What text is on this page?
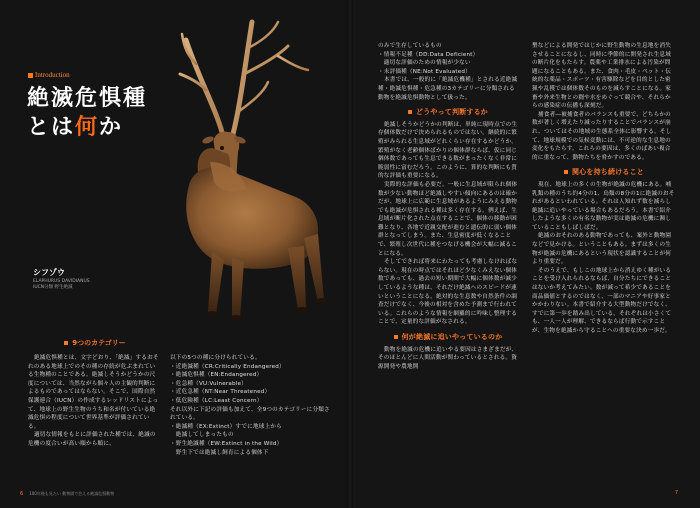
Introduction
絶滅危惧種
とは何か
シフゾウ
ELAPHURUS DAVIDIANUS
IUCN分類 野生絶滅
9つのカテゴリー

絶滅危惧種とは、文字どおり、「絶滅」するおそれのある地球上でのその種の存続が危ぶまれている生物種のことである。絶滅しそうかどうかの尺度については、当然ながら個々人の主観的判断によるものであってはならない。そこで、国際自然保護連合（IUCN）の作成するレッドリストによって、地球上の野生生物のうち和名が付いている絶滅危惧の程度について世界基準が評価されている。

適切な情報をもとに評価された種では、絶滅の危機の度合いが高い順から順に、

以下の5つの種に分けられている。
・近絶滅種（CR:Critically Endangered）
・絶滅危惧種（EN:Endangered）
・危急種（VU:Vulnerable）
・近危急種（NT:Near Threatened）
・低危険種（LC:Least Concern）
それ以外に下記の評価も加えて、全9つのカテゴリーに分類されている。
・絶滅種（EX:Extinct）すでに地球上から
　絶滅してしまったもの
・野生絶滅種（EW:Extinct in the Wild）
　野生下では絶滅し飼育による個体下
のみで生存しているもの
・情報不足種（DD:Data Deficient）
　適切な評価のための情報が少ない
・未評価種（NE:Not Evaluated）

本書では、一般的に「絶滅危機種」とされる近絶滅種・絶滅危惧種・危急種の3カテゴリーに分類される動物を絶滅危惧動物として扱った。

どうやって判断するか

絶滅しそうかどうかの判断は、単純に現時点での生存個体数だけで決められるものではない。継続的に繁殖がみられる生息域がどれくらい存在するかどうか。繁殖がなく老齢個体ばかりの個体群ならば、仮に同じ個体数であっても生息できる数がまったくなく非常に脆弱性に富むだろう。このように、算的な判断にも質的な評価も重要になる。

実際的な評価も必要だ。一般に生息域が限られ個体数が少ない動物ほど絶滅しやすい傾向にあるのは確かだが、地球上に広範に生息域があるようにみえる動物でも絶滅が危惧される種は多く存在する。例えば、生息域が断片化された点在することで、個体の移動が困難となり、各地で近親交配が進むと遺伝的に弱い個体群となってしまう。また、生息密度が低くなることで、繁殖し次世代に種をつなげる機会が大幅に減ることになる。

そしてできれば将来にわたっても考慮しなければならない。現在の時点ではそれほど少なくみえない個体数であっても、過去の短い期間で大幅に個体数が減少しているような種は、それだけ絶滅へのスピードが速いということになる。絶対的な生息数や自然条件の調査だけでなく、今後の相対を含めた予測まで行われている。これらのような情報を網羅的に吟味し整理することで、定量的な評価がなされる。

何が絶滅に追いやっているのか

動物を絶滅の危機に追いやる要因はさまざまだが、そのほとんどに人間活動が関わっているとされる。資源開発や農地開

墾などによる開発ではじかに野生動物の生息地を消失させることになるし、同時に季節的に開発され生息域の断片化をもたらす。農薬や工業排水による汚染が問題になることもある。また、食肉・毛皮・ペット・伝統的な薬品・スポーツ・有害駆除などを目的とした密猟や乱獲では個体数そのものを減らすことになる。家畜や外来生物との闘や水をめぐって競合や、それらからの感染症の伝播も深刻だ。

捕食者―被捕食者のバランスも重要で、どちらかの数が著しく増えたり減ったりすることでバランスが崩れ、ついてはその地域の生態系全体に影響する。そして、地球規模での気候変動には、不可逆的な生息地の変化をもたらす。これらの要因は、多くのばあい複合的に重なって、動物たちを脅かすのである。

関心を持ち続けること

現在、地球上の多くの生物が絶滅の危機にある。哺乳類の種のうち約4分の1、鳥類の8分の1に絶滅のおそれがあるといわれている。それは人知れず数を減らし絶滅に追いやっている場合もあるだろう。本書で紹介したような多くの有名な動物が実は絶滅の危機に瀕していることもしばしばだ。

絶滅のおそれのある動物であっても、案外と動物園などで見かける。ということもある。まずは多くの生物が絶滅の危機にあるという現状を認識することが何より重要だ。

そのうえで、もしこの地球上から消えゆく種がいることを受け入れられるならば、自分たちにできることはないか考えてみたい。数が減って希少であることを商品価値とするのではなく、一部のマニアや好事家とかかわりない。本書で紹介する大型動物だけでなく、すでに第一歩を踏み出している。それぞれは小さくても、一人一人が理解、できるならば行動で示すことが、生物を絶滅から守ることへの重要な決め一歩だ。

6 100年後も見たい 動物園で会える絶滅危惧動物	7
